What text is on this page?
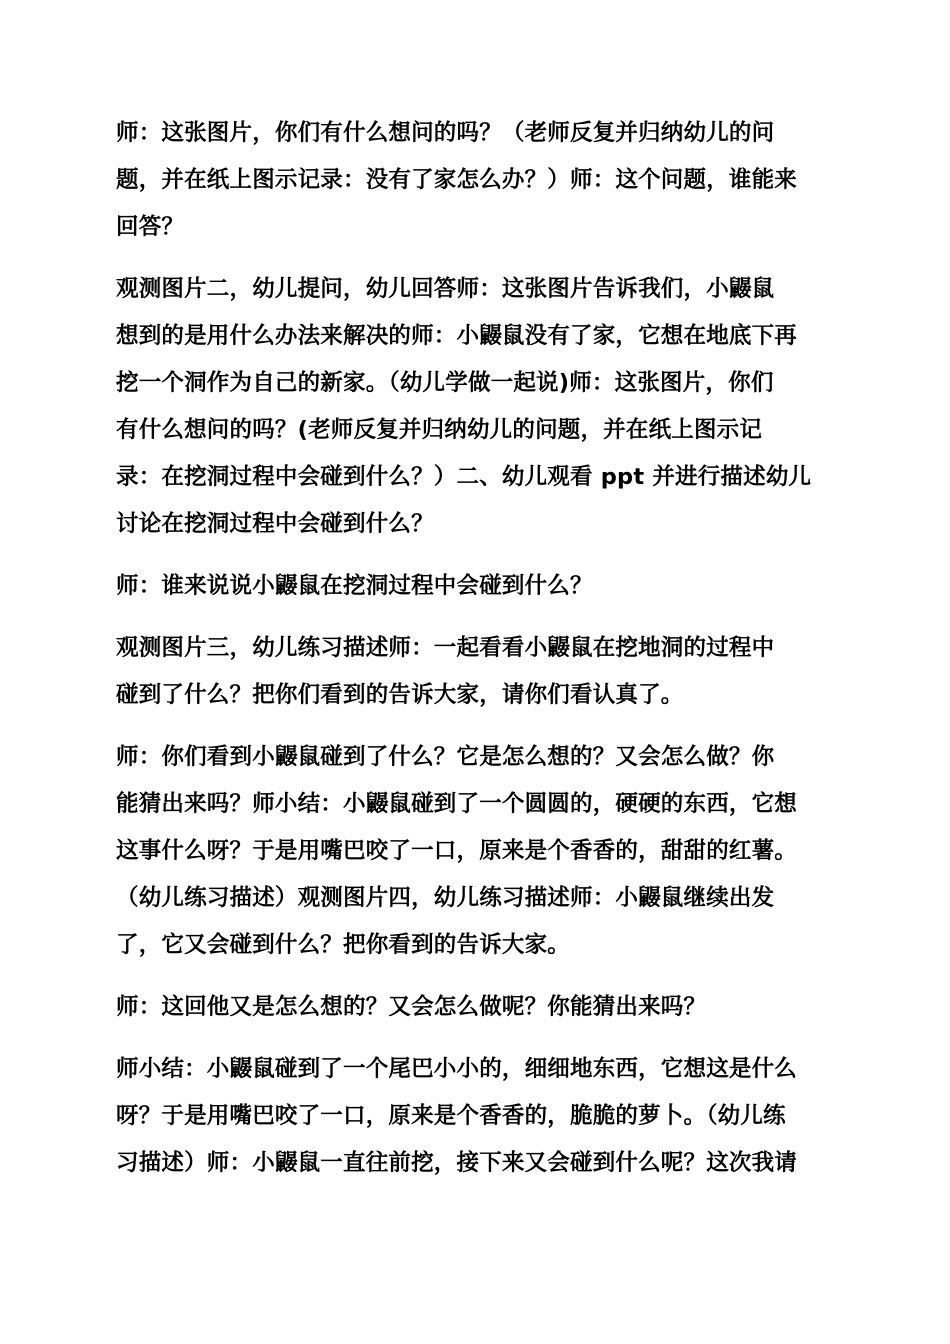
师：这张图片，你们有什么想问的吗？（老师反复并归纳幼儿的问
题，并在纸上图示记录：没有了家怎么办？）师：这个问题，谁能来
回答？

观测图片二，幼儿提问，幼儿回答师：这张图片告诉我们，小鼹鼠
想到的是用什么办法来解决的师：小鼹鼠没有了家，它想在地底下再
挖一个洞作为自己的新家。（幼儿学做一起说)师：这张图片，你们
有什么想问的吗？(老师反复并归纳幼儿的问题，并在纸上图示记
录：在挖洞过程中会碰到什么？）二、幼儿观看 ppt 并进行描述幼儿
讨论在挖洞过程中会碰到什么？

师：谁来说说小鼹鼠在挖洞过程中会碰到什么？

观测图片三，幼儿练习描述师：一起看看小鼹鼠在挖地洞的过程中
碰到了什么？把你们看到的告诉大家，请你们看认真了。

师：你们看到小鼹鼠碰到了什么？它是怎么想的？又会怎么做？你
能猜出来吗？师小结：小鼹鼠碰到了一个圆圆的，硬硬的东西，它想
这事什么呀？于是用嘴巴咬了一口，原来是个香香的，甜甜的红薯。
（幼儿练习描述）观测图片四，幼儿练习描述师：小鼹鼠继续出发
了，它又会碰到什么？把你看到的告诉大家。

师：这回他又是怎么想的？又会怎么做呢？你能猜出来吗？

师小结：小鼹鼠碰到了一个尾巴小小的，细细地东西，它想这是什么
呀？于是用嘴巴咬了一口，原来是个香香的，脆脆的萝卜。（幼儿练
习描述）师：小鼹鼠一直往前挖，接下来又会碰到什么呢？这次我请
